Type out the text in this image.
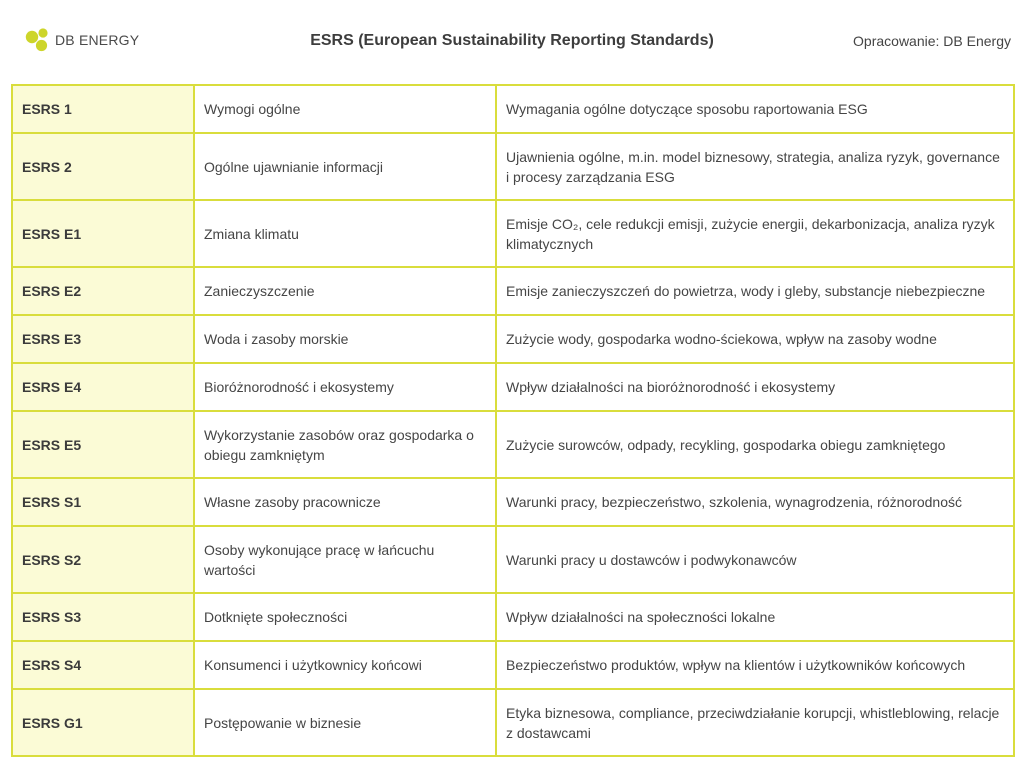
DB ENERGY	ESRS (European Sustainability Reporting Standards)	Opracowanie: DB Energy
ESRS 1	Wymogi ogólne	Wymagania ogólne dotyczące sposobu raportowania ESG
ESRS 2	Ogólne ujawnianie informacji	Ujawnienia ogólne, m.in. model biznesowy, strategia, analiza ryzyk, governance i procesy zarządzania ESG
ESRS E1	Zmiana klimatu	Emisje CO₂, cele redukcji emisji, zużycie energii, dekarbonizacja, analiza ryzyk klimatycznych
ESRS E2	Zanieczyszczenie	Emisje zanieczyszczeń do powietrza, wody i gleby, substancje niebezpieczne
ESRS E3	Woda i zasoby morskie	Zużycie wody, gospodarka wodno-ściekowa, wpływ na zasoby wodne
ESRS E4	Bioróżnorodność i ekosystemy	Wpływ działalności na bioróżnorodność i ekosystemy
ESRS E5	Wykorzystanie zasobów oraz gospodarka o obiegu zamkniętym	Zużycie surowców, odpady, recykling, gospodarka obiegu zamkniętego
ESRS S1	Własne zasoby pracownicze	Warunki pracy, bezpieczeństwo, szkolenia, wynagrodzenia, różnorodność
ESRS S2	Osoby wykonujące pracę w łańcuchu wartości	Warunki pracy u dostawców i podwykonawców
ESRS S3	Dotknięte społeczności	Wpływ działalności na społeczności lokalne
ESRS S4	Konsumenci i użytkownicy końcowi	Bezpieczeństwo produktów, wpływ na klientów i użytkowników końcowych
ESRS G1	Postępowanie w biznesie	Etyka biznesowa, compliance, przeciwdziałanie korupcji, whistleblowing, relacje z dostawcami
